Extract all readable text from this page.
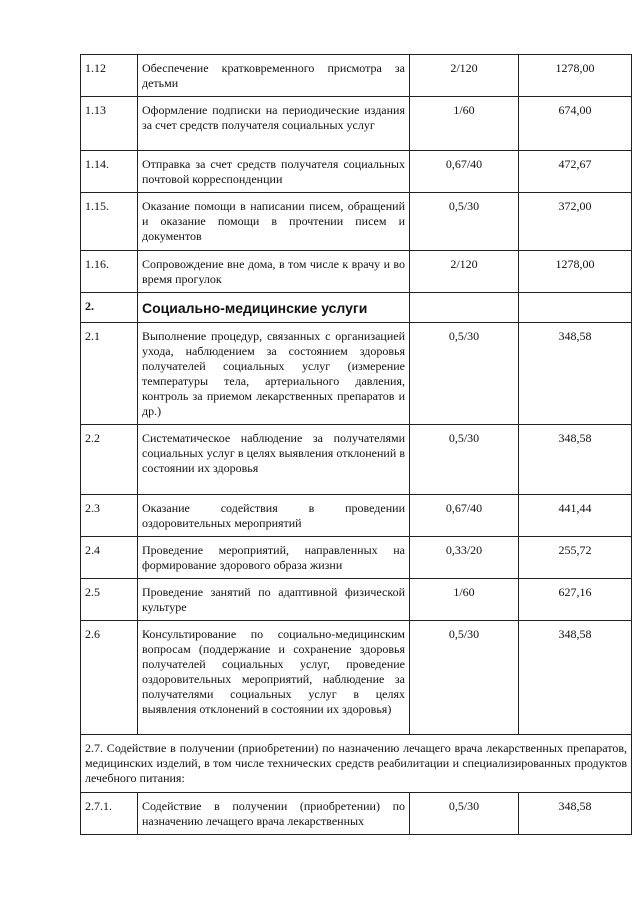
1.12	Обеспечение кратковременного присмотра за детьми	2/120	1278,00
1.13	Оформление подписки на периодические издания за счет средств получателя социальных услуг	1/60	674,00
1.14.	Отправка за счет средств получателя социальных почтовой корреспонденции	0,67/40	472,67
1.15.	Оказание помощи в написании писем, обращений и оказание помощи в прочтении писем и документов	0,5/30	372,00
1.16.	Сопровождение вне дома, в том числе к врачу и во время прогулок	2/120	1278,00
2.	Социально-медицинские услуги		
2.1	Выполнение процедур, связанных с организацией ухода, наблюдением за состоянием здоровья получателей социальных услуг (измерение температуры тела, артериального давления, контроль за приемом лекарственных препаратов и др.)	0,5/30	348,58
2.2	Систематическое наблюдение за получателями социальных услуг в целях выявления отклонений в состоянии их здоровья	0,5/30	348,58
2.3	Оказание содействия в проведении оздоровительных мероприятий	0,67/40	441,44
2.4	Проведение мероприятий, направленных на формирование здорового образа жизни	0,33/20	255,72
2.5	Проведение занятий по адаптивной физической культуре	1/60	627,16
2.6	Консультирование по социально-медицинским вопросам (поддержание и сохранение здоровья получателей социальных услуг, проведение оздоровительных мероприятий, наблюдение за получателями социальных услуг в целях выявления отклонений в состоянии их здоровья)	0,5/30	348,58
2.7. Содействие в получении (приобретении) по назначению лечащего врача лекарственных препаратов, медицинских изделий, в том числе технических средств реабилитации и специализированных продуктов лечебного питания:			
2.7.1.	Содействие в получении (приобретении) по назначению лечащего врача лекарственных	0,5/30	348,58
